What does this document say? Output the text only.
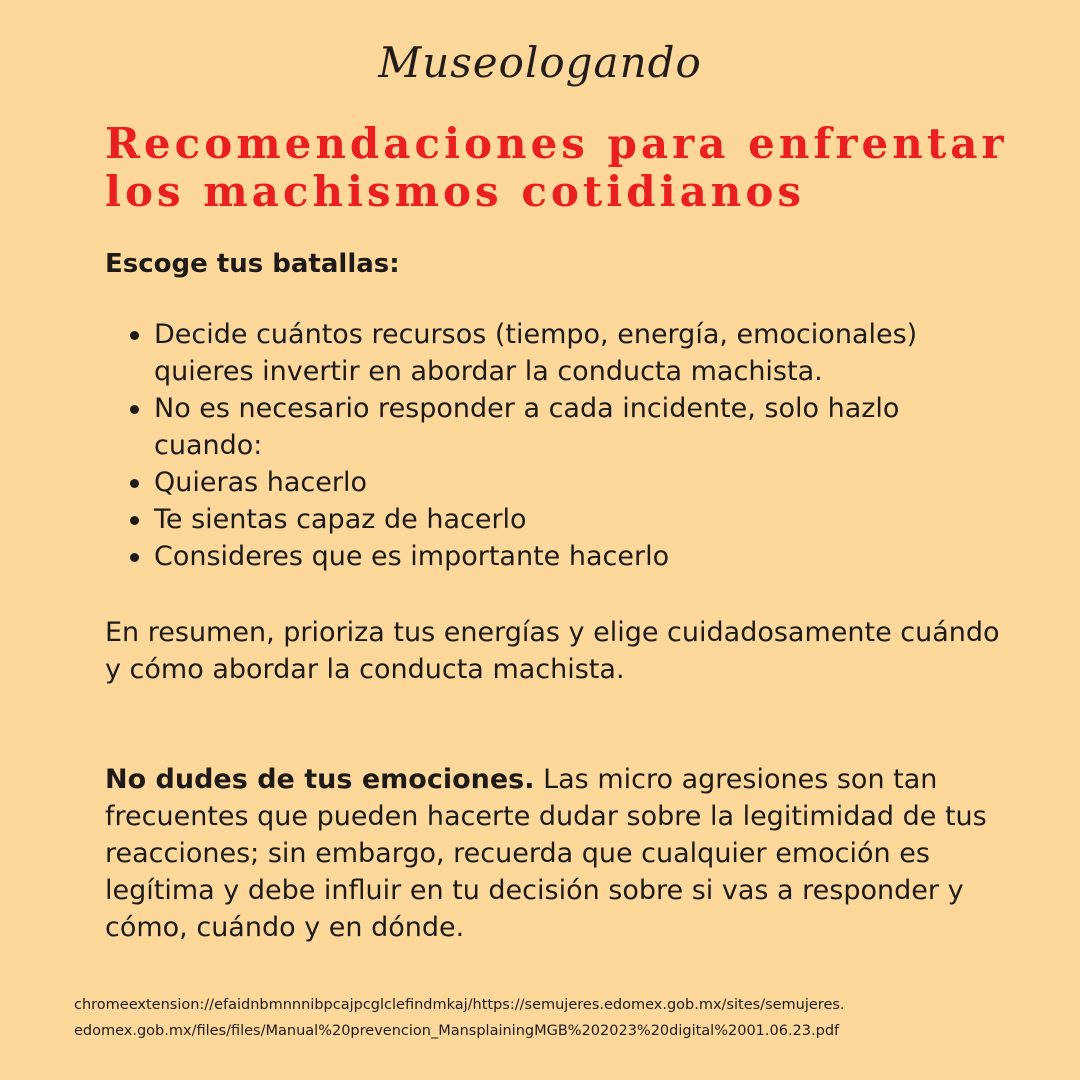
Museologando
Recomendaciones para enfrentar
los machismos cotidianos
Escoge tus batallas:
Decide cuántos recursos (tiempo, energía, emocionales) quieres invertir en abordar la conducta machista.
No es necesario responder a cada incidente, solo hazlo cuando:
Quieras hacerlo
Te sientas capaz de hacerlo
Consideres que es importante hacerlo

En resumen, prioriza tus energías y elige cuidadosamente cuándo y cómo abordar la conducta machista.

No dudes de tus emociones. Las micro agresiones son tan frecuentes que pueden hacerte dudar sobre la legitimidad de tus reacciones; sin embargo, recuerda que cualquier emoción es legítima y debe influir en tu decisión sobre si vas a responder y cómo, cuándo y en dónde.

chromeextension://efaidnbmnnnibpcajpcglclefindmkaj/https://semujeres.edomex.gob.mx/sites/semujeres.
edomex.gob.mx/files/files/Manual%20prevencion_MansplainingMGB%202023%20digital%2001.06.23.pdf
